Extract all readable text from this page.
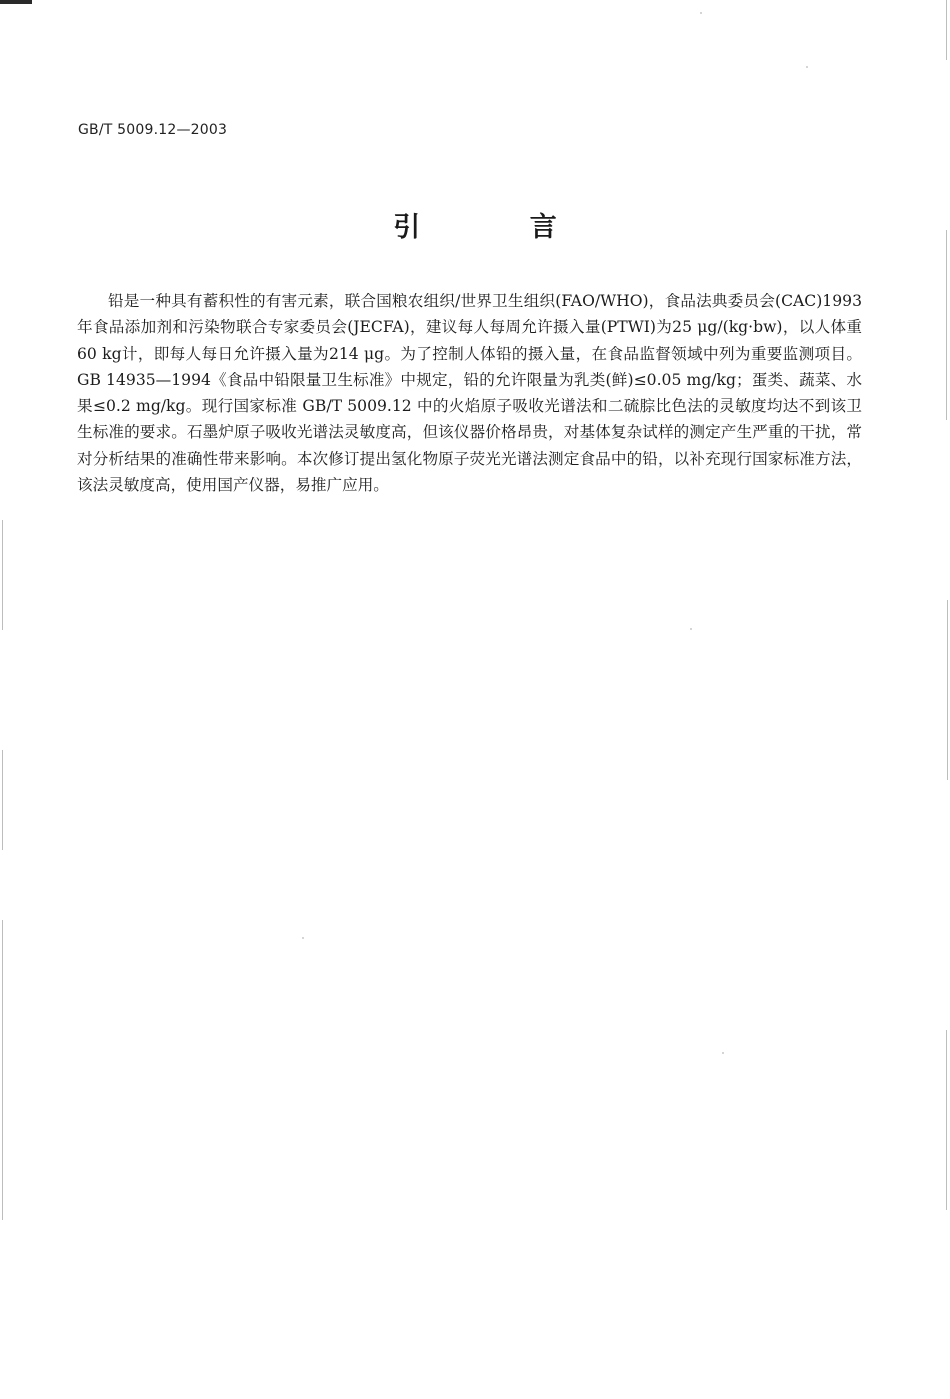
GB/T 5009.12—2003
引 言

铅是一种具有蓄积性的有害元素，联合国粮农组织/世界卫生组织(FAO/WHO)，食品法典委员会(CAC)1993年食品添加剂和污染物联合专家委员会(JECFA)，建议每人每周允许摄入量(PTWI)为25 μg/(kg·bw)，以人体重60 kg计，即每人每日允许摄入量为214 μg。为了控制人体铅的摄入量，在食品监督领域中列为重要监测项目。GB 14935—1994《食品中铅限量卫生标准》中规定，铅的允许限量为乳类(鲜)≤0.05 mg/kg；蛋类、蔬菜、水果≤0.2 mg/kg。现行国家标准 GB/T 5009.12 中的火焰原子吸收光谱法和二硫腙比色法的灵敏度均达不到该卫生标准的要求。石墨炉原子吸收光谱法灵敏度高，但该仪器价格昂贵，对基体复杂试样的测定产生严重的干扰，常对分析结果的准确性带来影响。本次修订提出氢化物原子荧光光谱法测定食品中的铅，以补充现行国家标准方法，该法灵敏度高，使用国产仪器，易推广应用。
